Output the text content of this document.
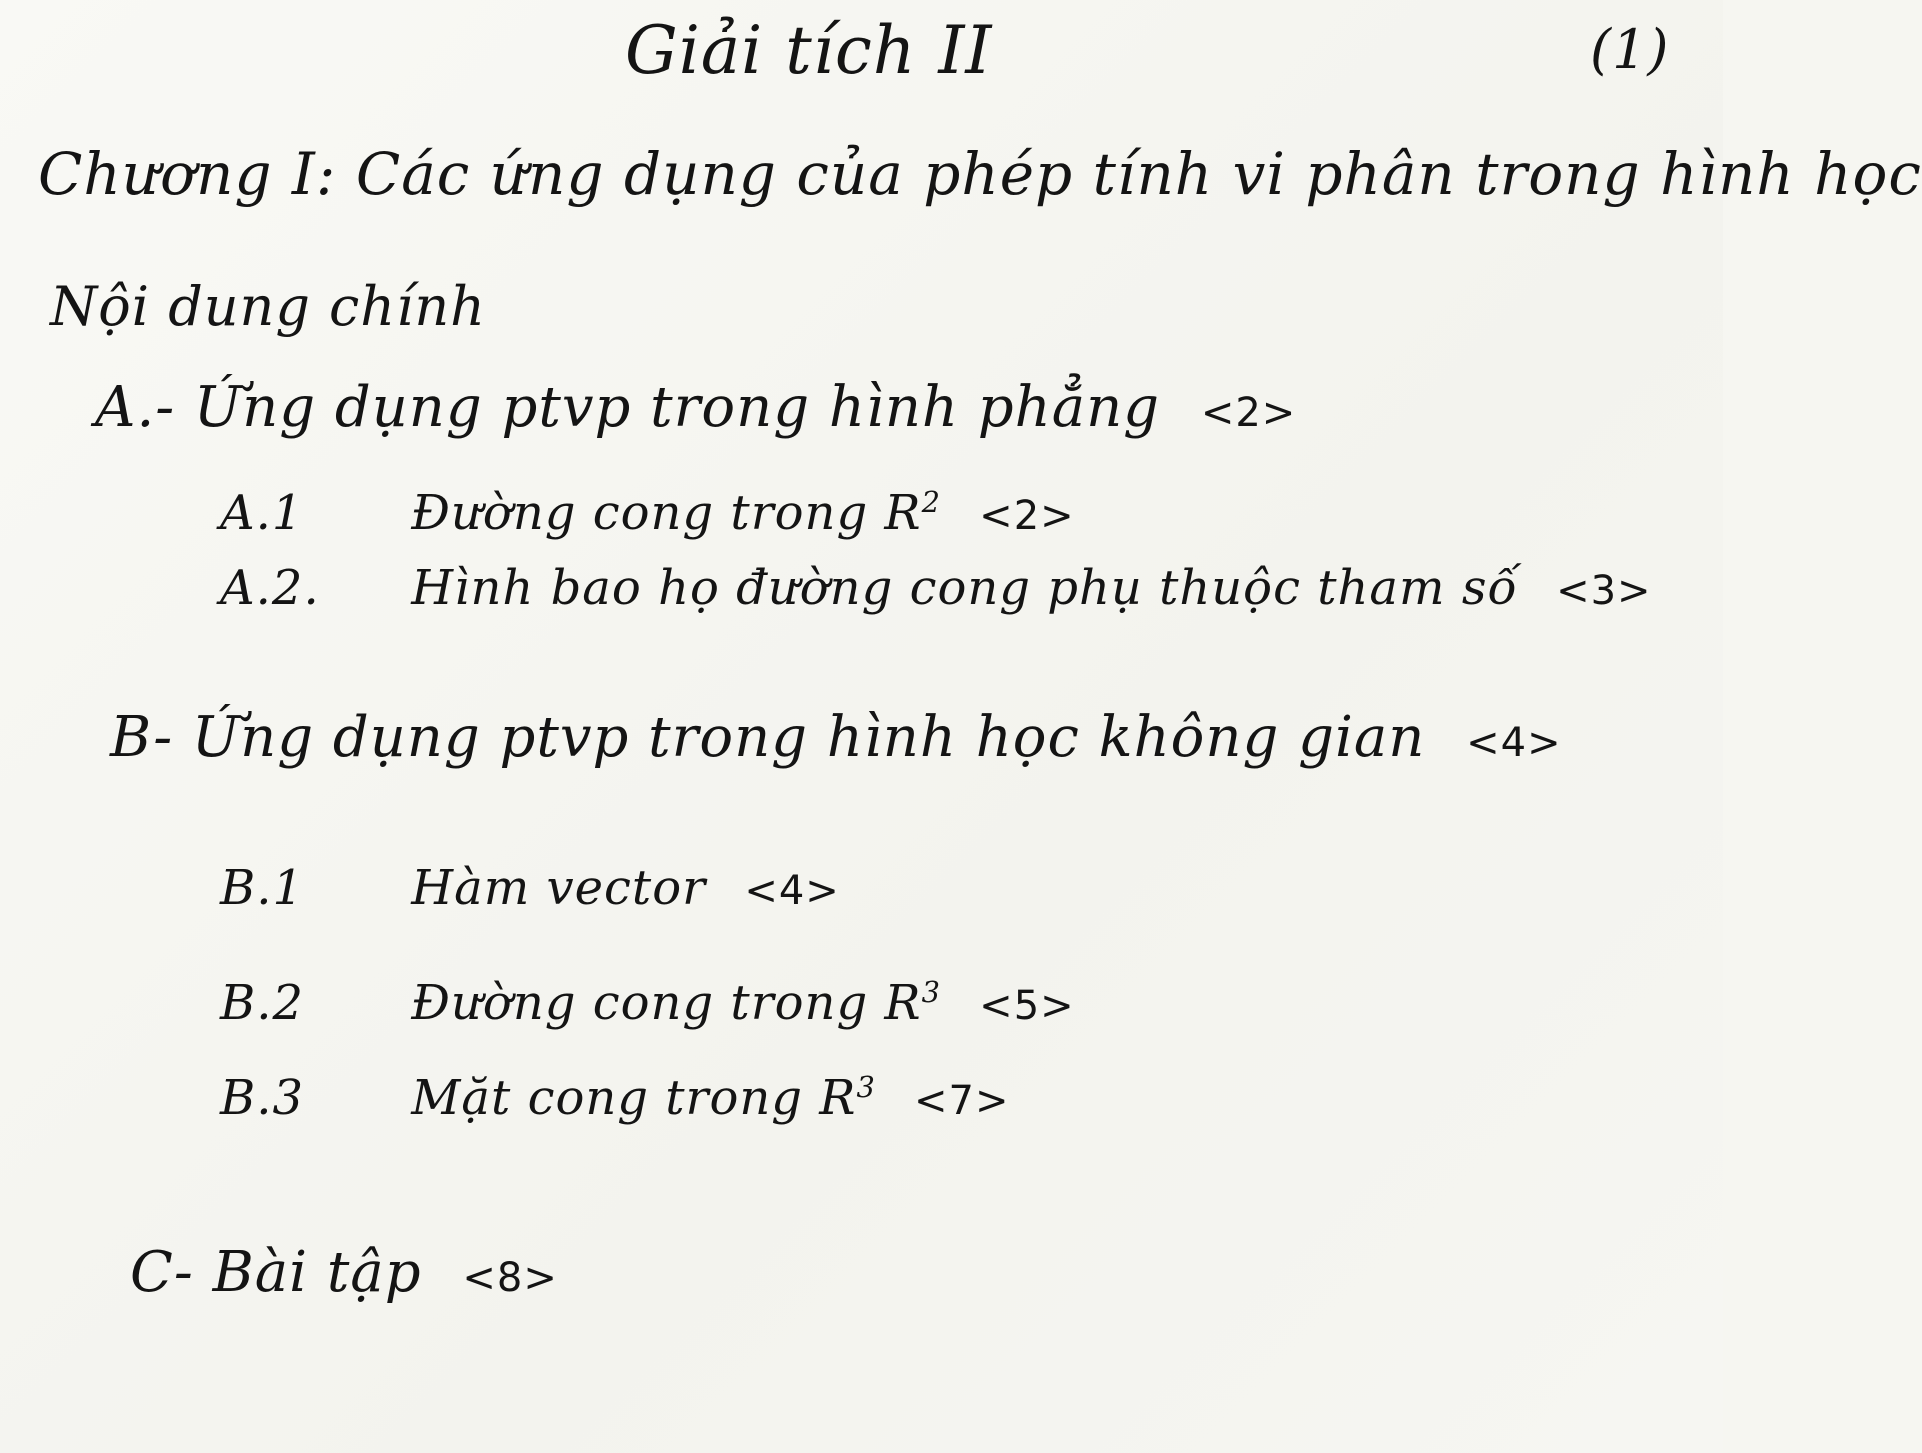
Giải tích II	(1)
Chương I: Các ứng dụng của phép tính vi phân trong hình học
Nội dung chính
A.- Ứng dụng ptvp trong hình phẳng <2>
A.1 Đường cong trong $R^2 <2>$
A.2. Hình bao họ đường cong phụ thuộc tham số <3>
B- Ứng dụng ptvp trong hình học không gian <4>
B.1 Hàm vector <4>
B.2 Đường cong trong $R^3 <5>$
B.3 Mặt cong trong $R^3 <7>$
C- Bài tập <8>
